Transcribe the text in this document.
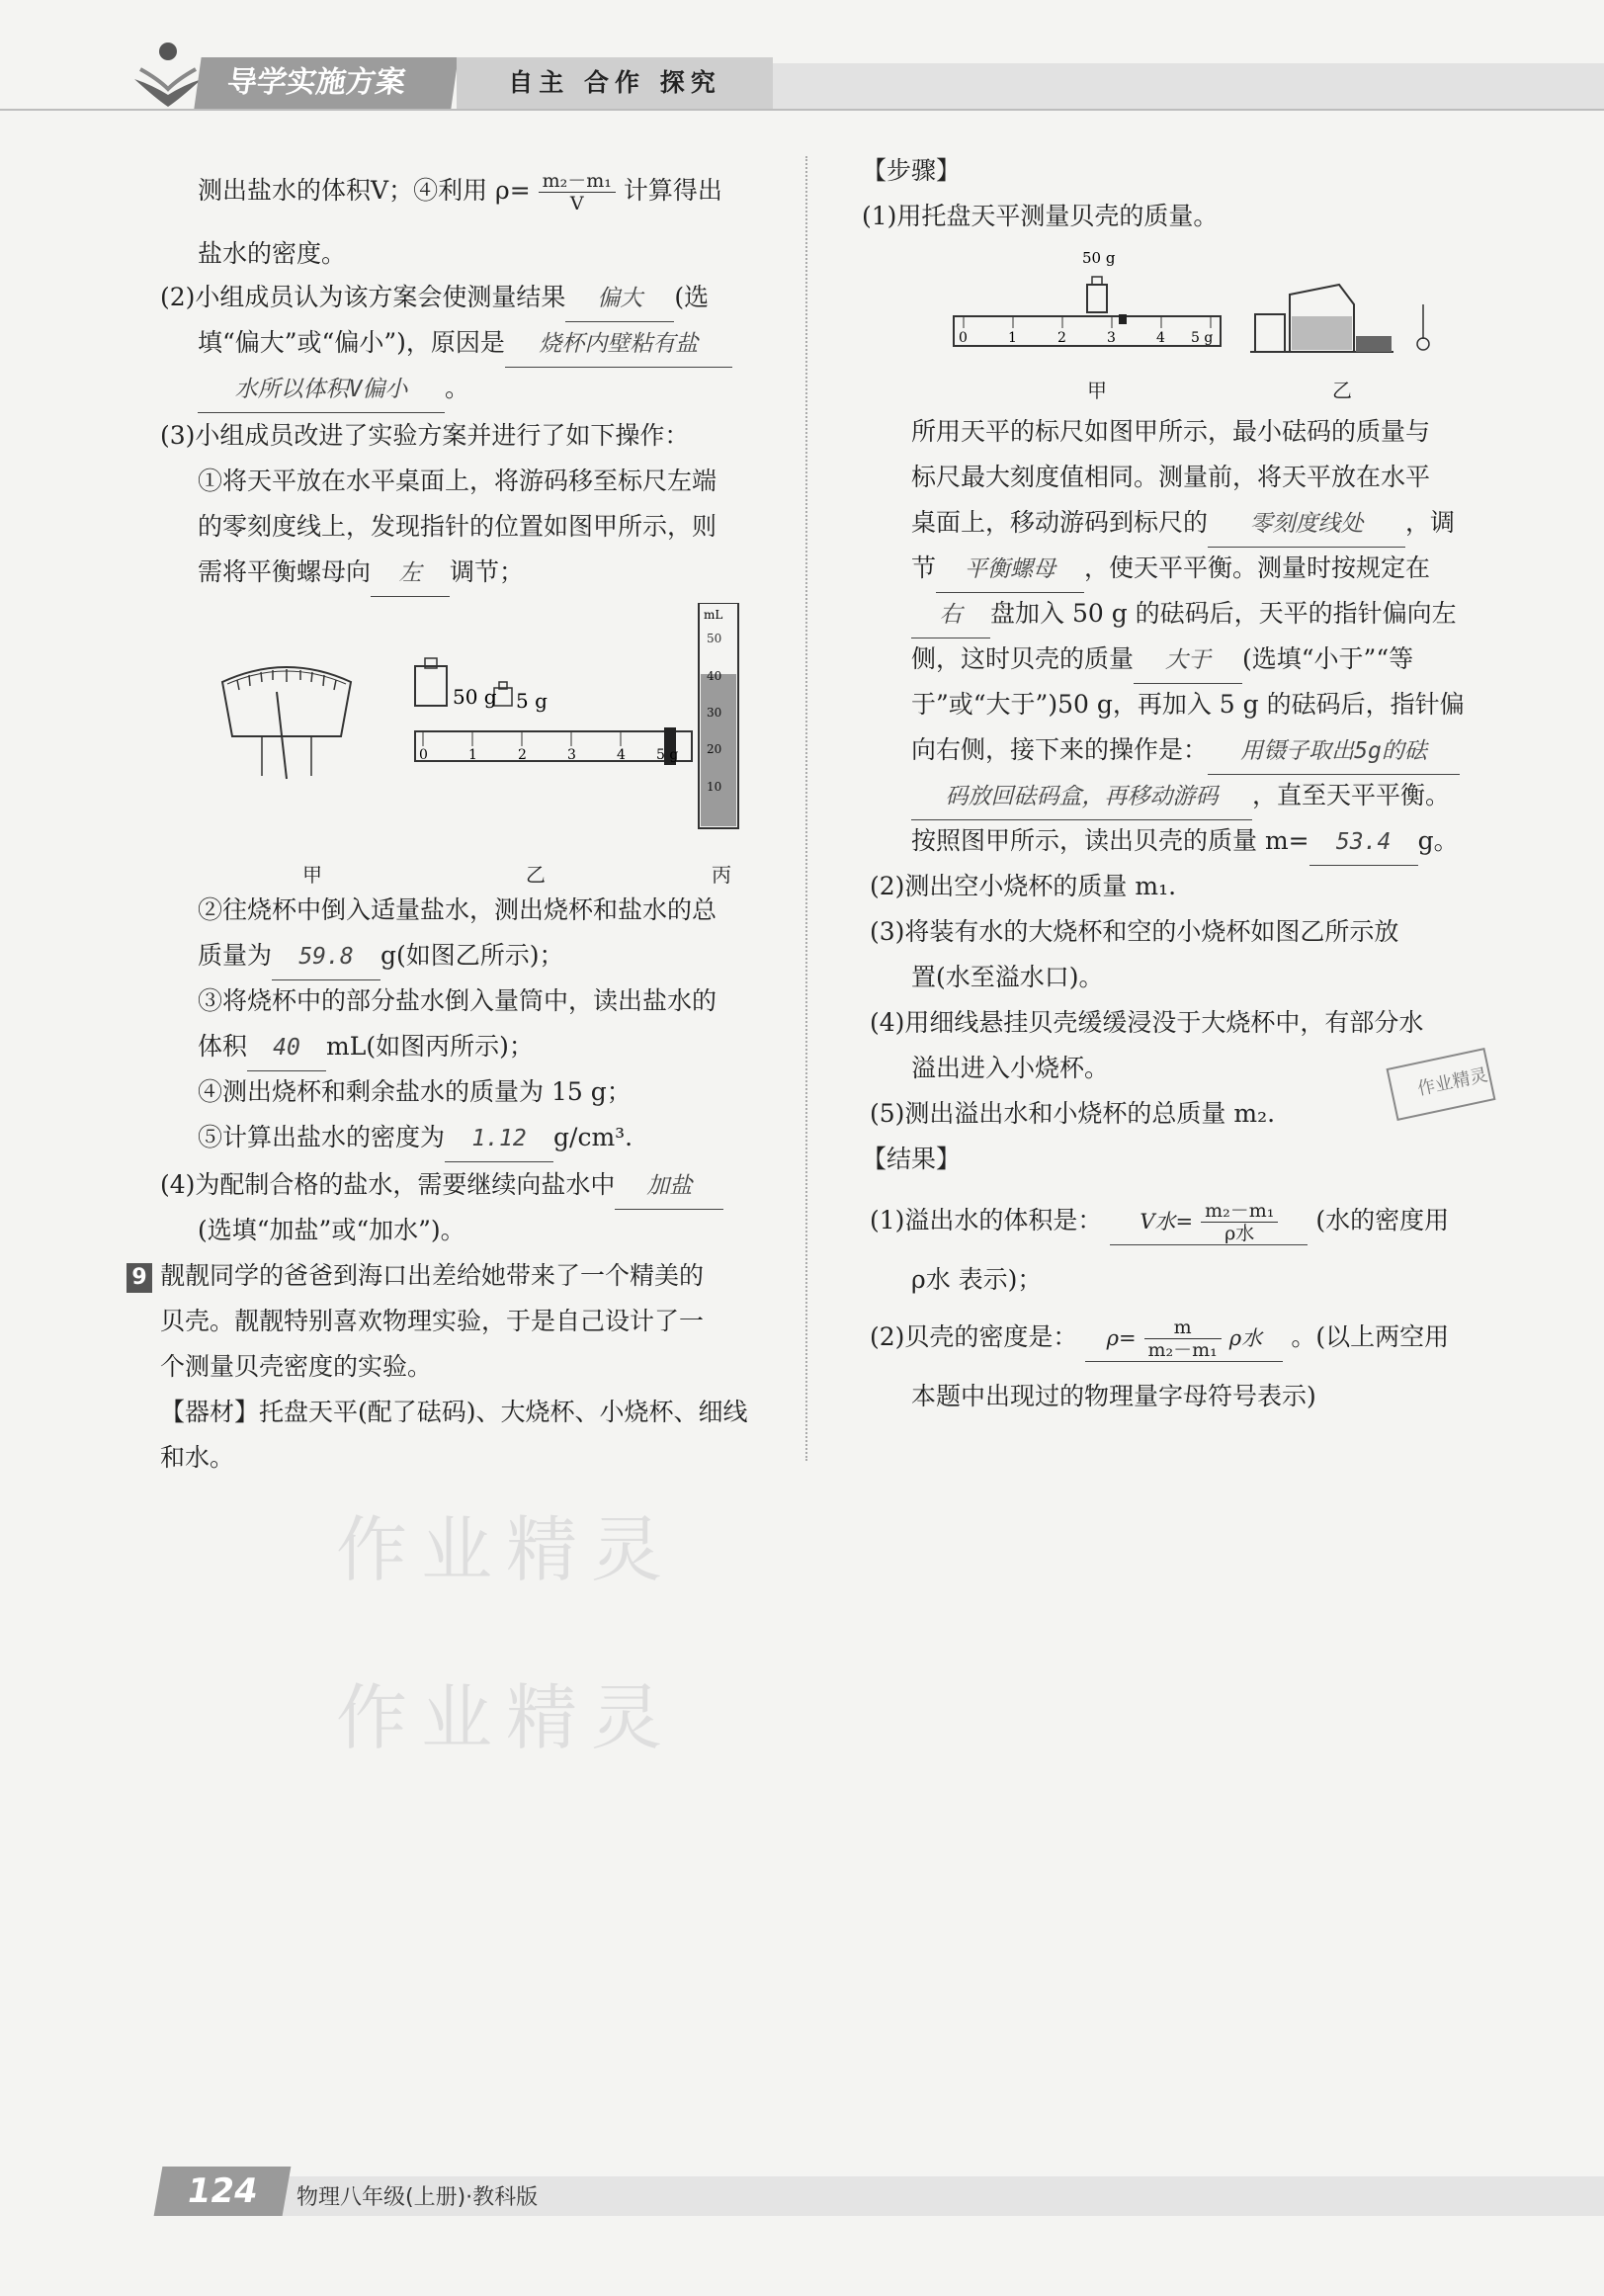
导学实施方案	自主 合作 探究
测出盐水的体积V；④利用 $\rho= \frac{\text{m₂－m₁}}{V}$ 计算得出
盐水的密度。
(2)小组成员认为该方案会使测量结果 偏大 (选
填“偏大”或“偏小”)，原因是 烧杯内壁粘有盐
水所以体积V偏小 。
(3)小组成员改进了实验方案并进行了如下操作：
①将天平放在水平桌面上，将游码移至标尺左端
的零刻度线上，发现指针的位置如图甲所示，则
需将平衡螺母向 左 调节；
50 g 5 g
0	1	2	3	4 5 g
mL
50
40
30
20
10
甲	乙	丙
②往烧杯中倒入适量盐水，测出烧杯和盐水的总
质量为 59.8 g(如图乙所示)；
③将烧杯中的部分盐水倒入量筒中，读出盐水的
体积 40 mL(如图丙所示)；
④测出烧杯和剩余盐水的质量为 15 g；
⑤计算出盐水的密度为 1.12 g/cm³.
(4)为配制合格的盐水，需要继续向盐水中 加盐
(选填“加盐”或“加水”)。
9 靓靓同学的爸爸到海口出差给她带来了一个精美的
贝壳。靓靓特别喜欢物理实验，于是自己设计了一
个测量贝壳密度的实验。
【器材】托盘天平(配了砝码)、大烧杯、小烧杯、细线
和水。
【步骤】
(1)用托盘天平测量贝壳的质量。
50 g
0	1	2	3	4 5 g
甲	乙
所用天平的标尺如图甲所示，最小砝码的质量与
标尺最大刻度值相同。测量前，将天平放在水平
桌面上，移动游码到标尺的 零刻度线处 ，调
节 平衡螺母 ，使天平平衡。测量时按规定在
右 盘加入 50 g 的砝码后，天平的指针偏向左
侧，这时贝壳的质量 大于 (选填“小于”“等
于”或“大于”)50 g，再加入 5 g 的砝码后，指针偏
向右侧，接下来的操作是： 用镊子取出5g的砝
码放回砝码盒，再移动游码 ，直至天平平衡。
按照图甲所示，读出贝壳的质量 m= 53.4 g。
(2)测出空小烧杯的质量 m₁.
(3)将装有水的大烧杯和空的小烧杯如图乙所示放
置(水至溢水口)。
(4)用细线悬挂贝壳缓缓浸没于大烧杯中，有部分水
溢出进入小烧杯。
(5)测出溢出水和小烧杯的总质量 m₂.
【结果】
(1)溢出水的体积是： V水= $\frac{\text{m₂－m₁}}{\text{ρ水}}$ (水的密度用
ρ水 表示)；
(2)贝壳的密度是： $\rho= \frac{m}{\text{m₂－m₁}}$ ρ水 。(以上两空用
本题中出现过的物理量字母符号表示)
作业精灵
作业精灵
作业精灵
124	物理八年级(上册)·教科版
